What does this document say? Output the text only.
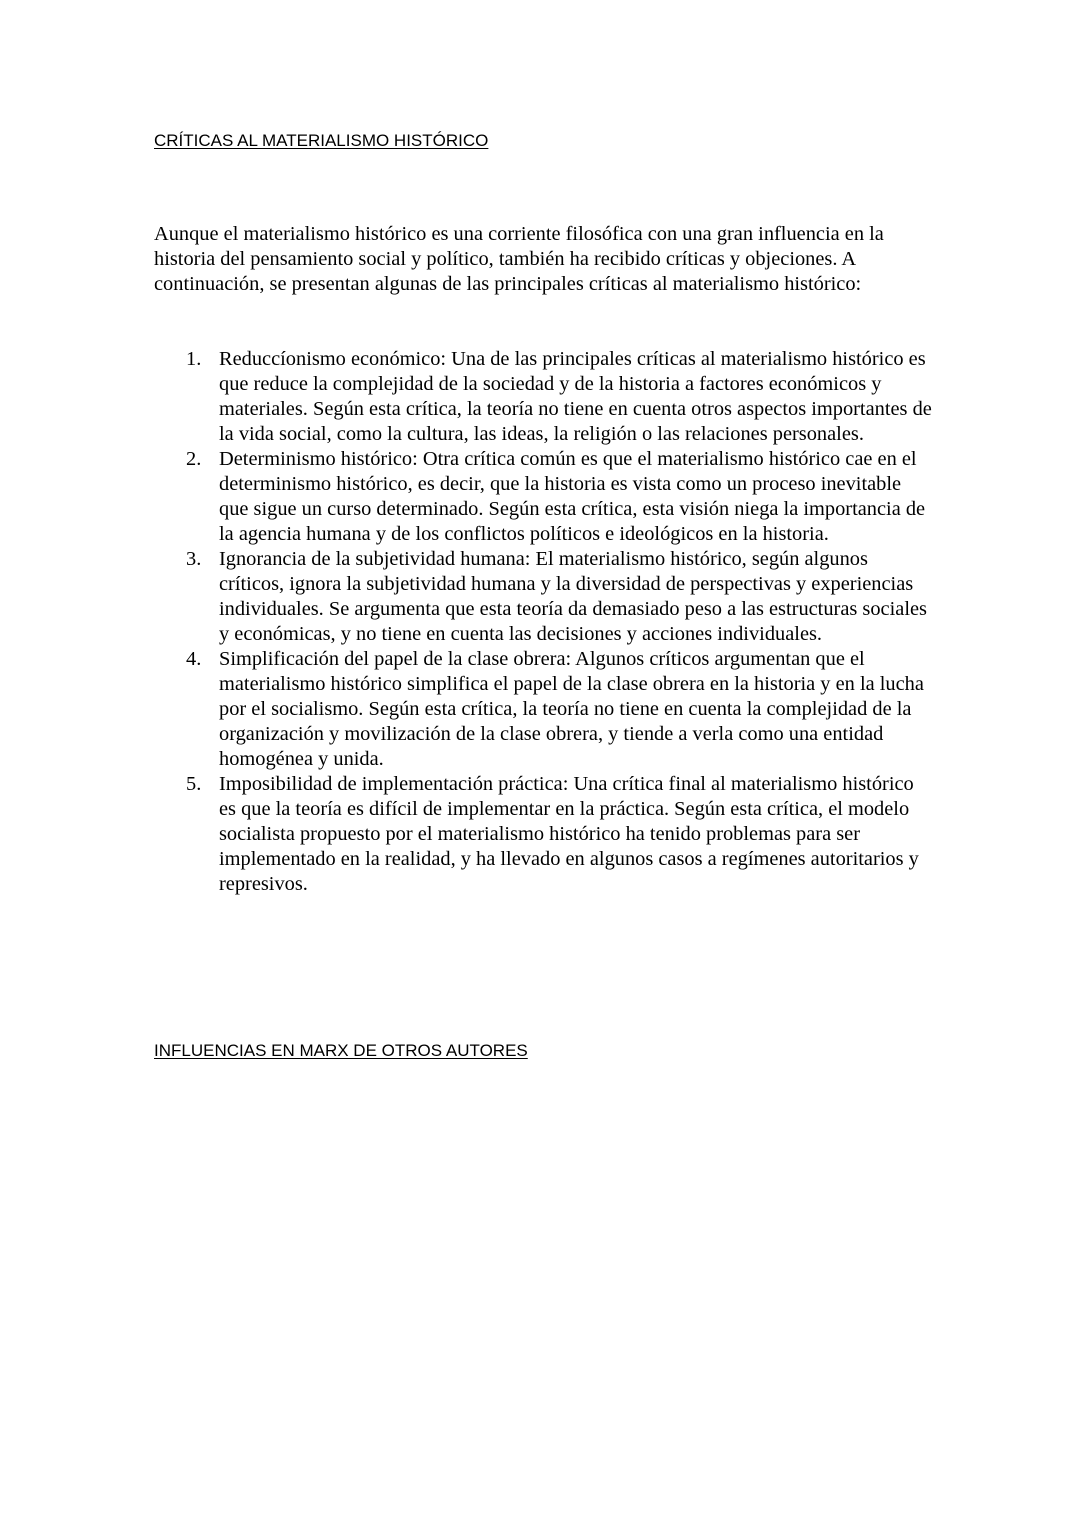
CRÍTICAS AL MATERIALISMO HISTÓRICO

Aunque el materialismo histórico es una corriente filosófica con una gran influencia en la historia del pensamiento social y político, también ha recibido críticas y objeciones. A continuación, se presentan algunas de las principales críticas al materialismo histórico:

1. Reduccíonismo económico: Una de las principales críticas al materialismo histórico es que reduce la complejidad de la sociedad y de la historia a factores económicos y materiales. Según esta crítica, la teoría no tiene en cuenta otros aspectos importantes de la vida social, como la cultura, las ideas, la religión o las relaciones personales.
2. Determinismo histórico: Otra crítica común es que el materialismo histórico cae en el determinismo histórico, es decir, que la historia es vista como un proceso inevitable que sigue un curso determinado. Según esta crítica, esta visión niega la importancia de la agencia humana y de los conflictos políticos e ideológicos en la historia.
3. Ignorancia de la subjetividad humana: El materialismo histórico, según algunos críticos, ignora la subjetividad humana y la diversidad de perspectivas y experiencias individuales. Se argumenta que esta teoría da demasiado peso a las estructuras sociales y económicas, y no tiene en cuenta las decisiones y acciones individuales.
4. Simplificación del papel de la clase obrera: Algunos críticos argumentan que el materialismo histórico simplifica el papel de la clase obrera en la historia y en la lucha por el socialismo. Según esta crítica, la teoría no tiene en cuenta la complejidad de la organización y movilización de la clase obrera, y tiende a verla como una entidad homogénea y unida.
5. Imposibilidad de implementación práctica: Una crítica final al materialismo histórico es que la teoría es difícil de implementar en la práctica. Según esta crítica, el modelo socialista propuesto por el materialismo histórico ha tenido problemas para ser implementado en la realidad, y ha llevado en algunos casos a regímenes autoritarios y represivos.
INFLUENCIAS EN MARX DE OTROS AUTORES
